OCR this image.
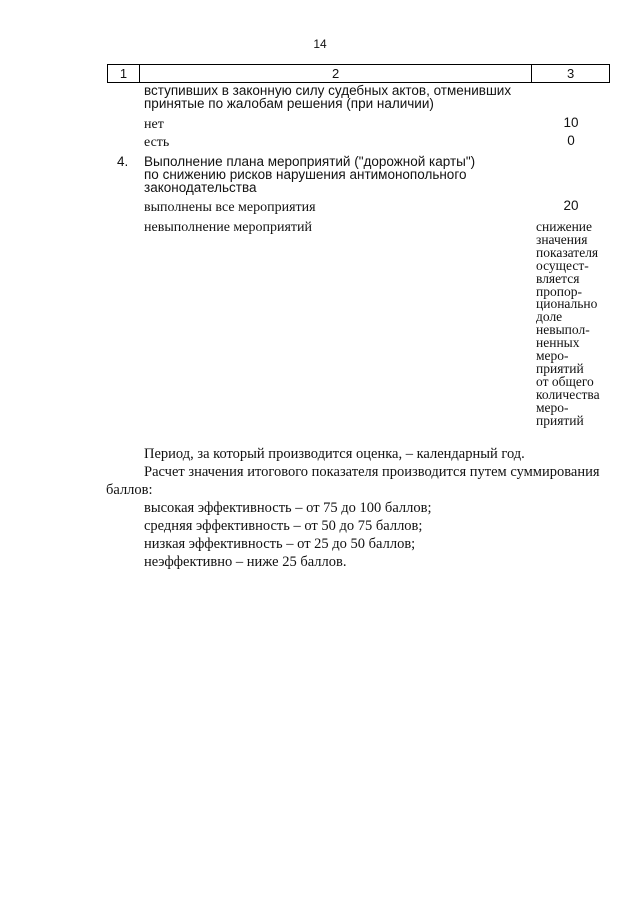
14
1	2	3
вступивших в законную силу судебных актов, отменивших
принятые по жалобам решения (при наличии)
нет	10
есть	0
4. Выполнение плана мероприятий ("дорожной карты")
по снижению рисков нарушения антимонопольного
законодательства
выполнены все мероприятия	20
невыполнение мероприятий	снижение
значения
показателя
осущест-
вляется
пропор-
ционально
доле
невыпол-
ненных
меро-
приятий
от общего
количества
меро-
приятий
Период, за который производится оценка, – календарный год.
Расчет значения итогового показателя производится путем суммирования
баллов:
высокая эффективность – от 75 до 100 баллов;
средняя эффективность – от 50 до 75 баллов;
низкая эффективность – от 25 до 50 баллов;
неэффективно – ниже 25 баллов.
